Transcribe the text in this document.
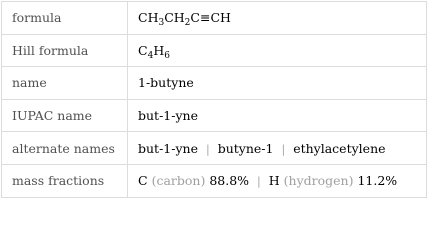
formula	$CH_3CH_2C\equiv CH$
Hill formula	$C_4H_6$
name	1-butyne
IUPAC name	but-1-yne
alternate names	but-1-yne | butyne-1 | ethylacetylene
mass fractions	C (carbon) 88.8% | H (hydrogen) 11.2%
